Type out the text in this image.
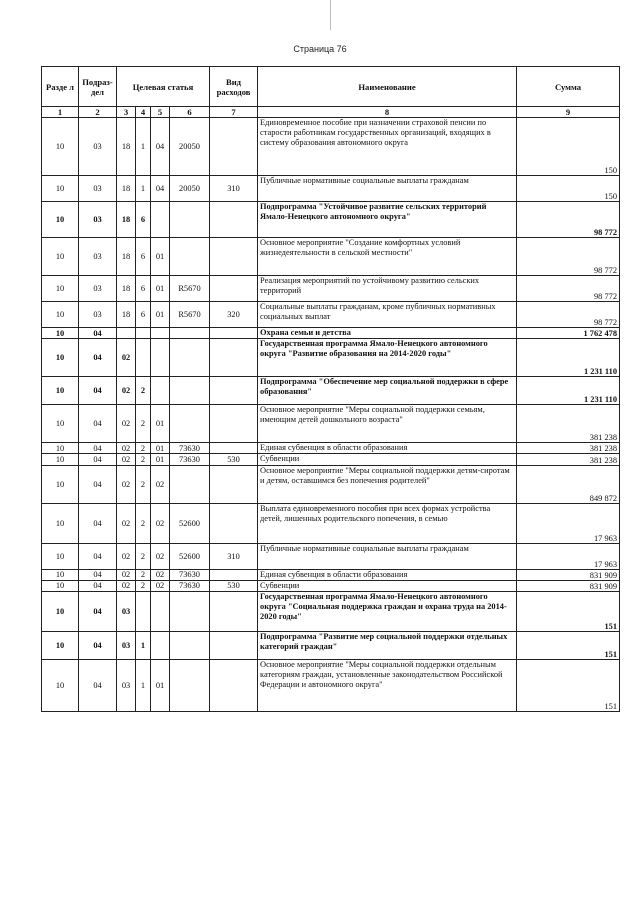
Страница 76
Разде л	Подраз- дел	Целевая статья				Вид расходов	Наименование	Сумма
1	2	3	4	5	6	7	8	9
10	03	18	1	04	20050		Единовременное пособие при назначении страховой пенсии по старости работникам государственных организаций, входящих в систему образования автономного округа	150
10	03	18	1	04	20050	310	Публичные нормативные социальные выплаты гражданам	150
10	03	18	6				Подпрограмма "Устойчивое развитие сельских территорий Ямало-Ненецкого автономного округа"	98 772
10	03	18	6	01			Основное мероприятие "Создание комфортных условий жизнедеятельности в сельской местности"	98 772
10	03	18	6	01	R5670		Реализация мероприятий по устойчивому развитию сельских территорий	98 772
10	03	18	6	01	R5670	320	Социальные выплаты гражданам, кроме публичных нормативных социальных выплат	98 772
10	04						Охрана семьи и детства	1 762 478
10	04	02					Государственная программа Ямало-Ненецкого автономного округа "Развитие образования на 2014-2020 годы"	1 231 110
10	04	02	2				Подпрограмма "Обеспечение мер социальной поддержки в сфере образования"	1 231 110
10	04	02	2	01			Основное мероприятие "Меры социальной поддержки семьям, имеющим детей дошкольного возраста"	381 238
10	04	02	2	01	73630		Единая субвенция в области образования	381 238
10	04	02	2	01	73630	530	Субвенции	381 238
10	04	02	2	02			Основное мероприятие "Меры социальной поддержки детям-сиротам и детям, оставшимся без попечения родителей"	849 872
10	04	02	2	02	52600		Выплата единовременного пособия при всех формах устройства детей, лишенных родительского попечения, в семью	17 963
10	04	02	2	02	52600	310	Публичные нормативные социальные выплаты гражданам	17 963
10	04	02	2	02	73630		Единая субвенция в области образования	831 909
10	04	02	2	02	73630	530	Субвенции	831 909
10	04	03					Государственная программа Ямало-Ненецкого автономного округа "Социальная поддержка граждан и охрана труда на 2014-2020 годы"	151
10	04	03	1				Подпрограмма "Развитие мер социальной поддержки отдельных категорий граждан"	151
10	04	03	1	01			Основное мероприятие "Меры социальной поддержки отдельным категориям граждан, установленные законодательством Российской Федерации и автономного округа"	151
